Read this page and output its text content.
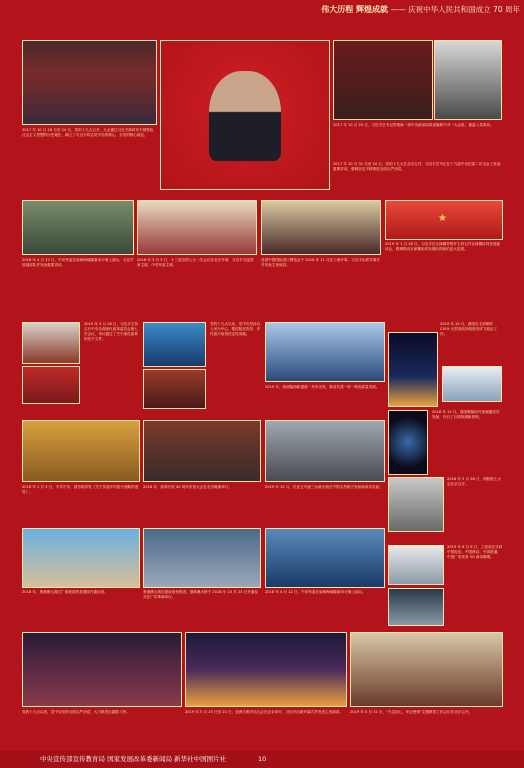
伟大历程 辉煌成就 —— 庆祝中华人民共和国成立 70 周年
2017 年 10 月 18 日至 24 日，党的十九大召开，大会通过习近平新时代中国特色社会主义思想的历史地位，确立了习近平同志党中央的核心、全党的核心地位。
2017 年 10 月 25 日，习近平总书记带领新一届中央政治局常委瞻仰中共一大会址，重温入党誓词。
2017 年 10 月 31 日至 24 日，党的十九大在北京召开，习近平总书记在十九届中央纪委二次全会上发表重要讲话，强调坚定不移推进全面从严治党。
★
2018 年 4 月 12 日，中央军委在南海海域隆重举行海上阅兵，习近平检阅部队并发表重要讲话。
2018 年 3 月 5 日，十三届全国人大一次会议在北京开幕，习近平当选国家主席、中央军委主席。
首届中国国际进口博览会于 2018 年 11 月在上海开幕，习近平出席开幕式并发表主旨演讲。
2019 年 1 月 18 日，习近平在京津冀考察并主持召开京津冀协同发展座谈会，强调推动京津冀协同发展取得新的更大进展。
2019 年 3 月 28 日，习近平主持召开中央全面深化改革委员会第七次会议，审议通过了关于深化改革的若干文件。
党的十九大以来，党中央坚持以人民为中心，推进脱贫攻坚、乡村振兴取得决定性成就。
2019 年，西部陆海新通道一号车出发，推动共建一带一路高质量发展。
2019 年 10 月，我国自主研制的 C919 大型客机持续推进试飞取证工作。
2018 年 12 月，我国嫦娥四号探测器成功发射，开启了月球探测新旅程。
2018 年 1 月 2 日，中共中央、国务院印发《关于实施乡村振兴战略的意见》。
2018 年，改革开放 40 周年庆祝大会在北京隆重举行。	2019 年 12 月，长征五号遥三运载火箭在中国文昌航天发射场成功发射。
2018 年 5 月 28 日，两院院士大会在京召开。
2019 年 6 月 6 日，工信部正式向中国电信、中国移动、中国联通、中国广电发放 5G 商用牌照。
2018 年，粤港澳大湾区广深港高铁香港段开通运营。	粤港澳大湾区建设加快推进，港珠澳大桥于 2018 年 10 月 23 日开通仪式在广东珠海举行。
2018 年 4 月 12 日，中央军委在南海海域隆重举行海上阅兵。
党的十九大以来，党中央坚持全面从严治党，大力推进反腐败斗争。	2019 年 5 月 15 日至 22 日，亚洲文明对话大会在北京举行，习近平出席开幕式并发表主旨演讲。	2019 年 5 月 31 日，"不忘初心、牢记使命"主题教育工作会议在北京召开。
中央宣传部宣传教育局 国家发展改革委新闻局 新华社中国图片社	10
